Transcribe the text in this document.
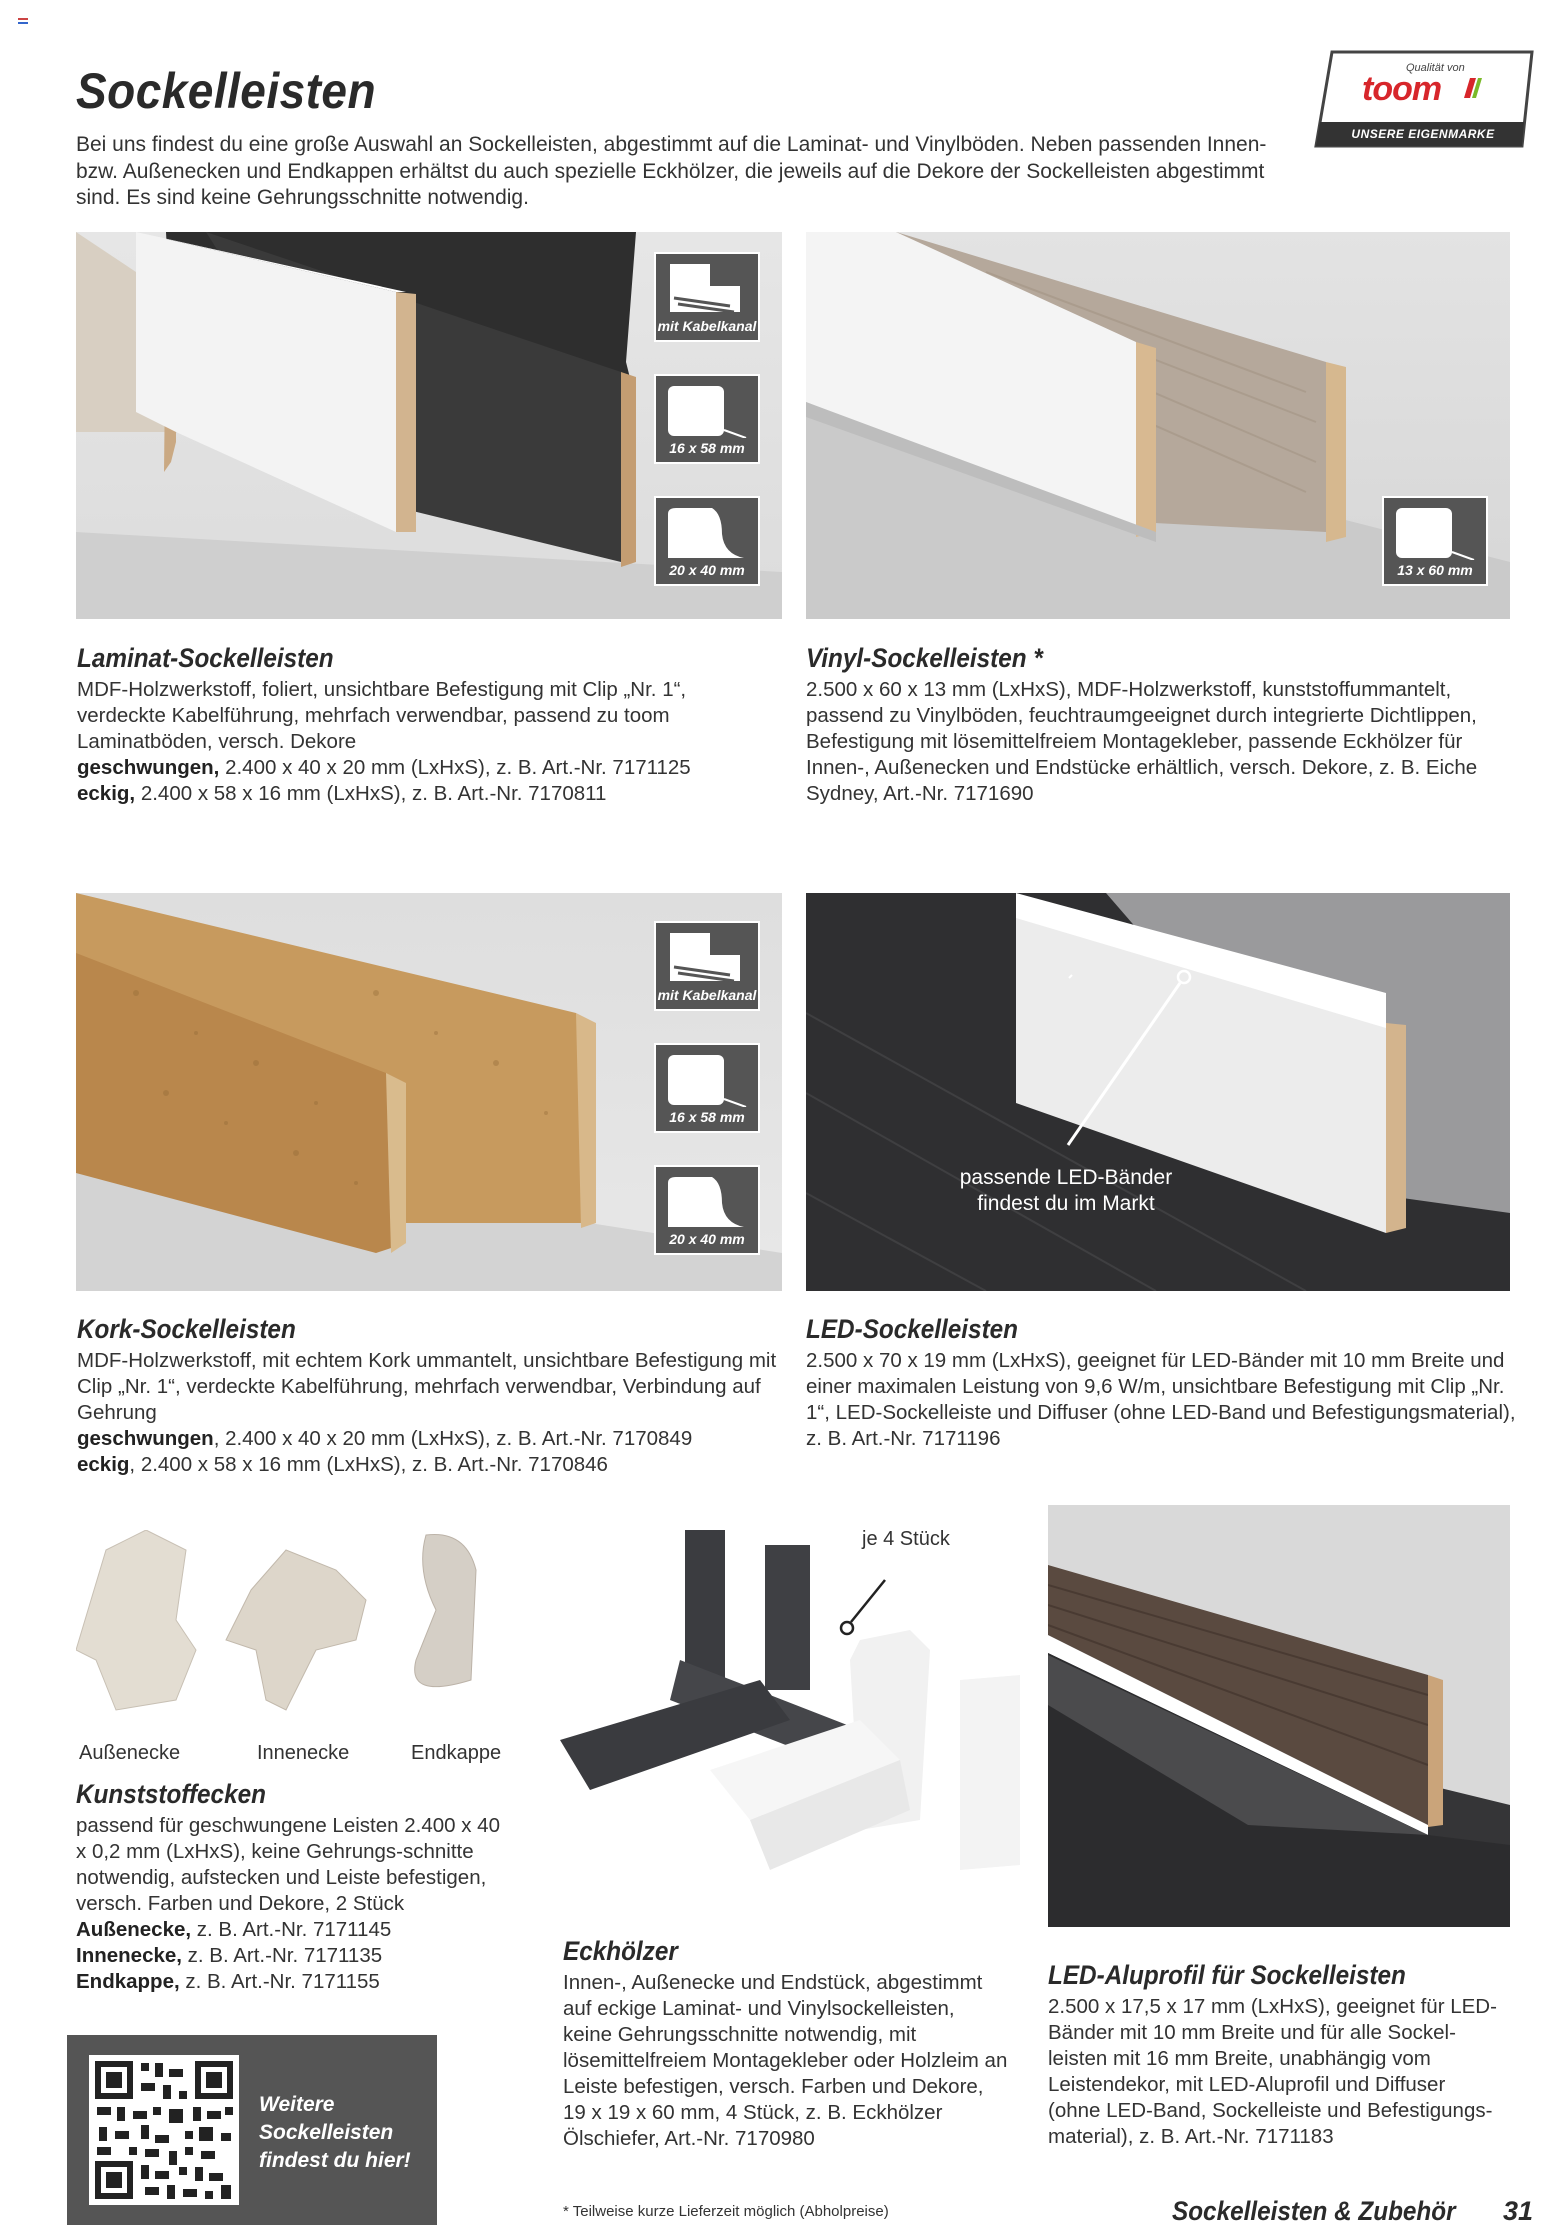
Sockelleisten
Bei uns findest du eine große Auswahl an Sockelleisten, abgestimmt auf die Laminat- und Vinylböden. Neben passenden Innen- bzw. Außenecken und Endkappen erhältst du auch spezielle Eckhölzer, die jeweils auf die Dekore der Sockelleisten abgestimmt sind. Es sind keine Gehrungsschnitte notwendig.
Qualität von
toom
UNSERE EIGENMARKE
mit Kabelkanal
16 x 58 mm
20 x 40 mm
Laminat-Sockelleisten
MDF-Holzwerkstoff, foliert, unsichtbare Befestigung mit Clip „Nr. 1“, verdeckte Kabelführung, mehrfach verwendbar, passend zu toom Laminatböden, versch. Dekore
geschwungen, 2.400 x 40 x 20 mm (LxHxS), z. B. Art.-Nr. 7171125
eckig, 2.400 x 58 x 16 mm (LxHxS), z. B. Art.-Nr. 7170811
13 x 60 mm
Vinyl-Sockelleisten *
2.500 x 60 x 13 mm (LxHxS), MDF-Holzwerkstoff, kunststoffummantelt, passend zu Vinylböden, feuchtraumgeeignet durch integrierte Dichtlippen, Befestigung mit lösemittelfreiem Montagekleber, passende Eckhölzer für Innen-, Außenecken und Endstücke erhältlich, versch. Dekore, z. B. Eiche Sydney, Art.-Nr. 7171690
mit Kabelkanal
16 x 58 mm
20 x 40 mm
Kork-Sockelleisten
MDF-Holzwerkstoff, mit echtem Kork ummantelt, unsichtbare Befestigung mit Clip „Nr. 1“, verdeckte Kabelführung, mehrfach verwendbar, Verbindung auf Gehrung
geschwungen, 2.400 x 40 x 20 mm (LxHxS), z. B. Art.-Nr. 7170849
eckig, 2.400 x 58 x 16 mm (LxHxS), z. B. Art.-Nr. 7170846
passende LED-Bänder findest du im Markt
LED-Sockelleisten
2.500 x 70 x 19 mm (LxHxS), geeignet für LED-Bänder mit 10 mm Breite und einer maximalen Leistung von 9,6 W/m, unsichtbare Befestigung mit Clip „Nr. 1“, LED-Sockelleiste und Diffuser (ohne LED-Band und Befestigungsmaterial), z. B. Art.-Nr. 7171196
Außenecke	Innenecke	Endkappe
Kunststoffecken
passend für geschwungene Leisten 2.400 x 40 x 0,2 mm (LxHxS), keine Gehrungs-schnitte notwendig, aufstecken und Leiste befestigen, versch. Farben und Dekore, 2 Stück
Außenecke, z. B. Art.-Nr. 7171145
Innenecke, z. B. Art.-Nr. 7171135
Endkappe, z. B. Art.-Nr. 7171155
je 4 Stück
Eckhölzer
Innen-, Außenecke und Endstück, abgestimmt auf eckige Laminat- und Vinylsockelleisten, keine Gehrungsschnitte notwendig, mit lösemittelfreiem Montagekleber oder Holzleim an Leiste befestigen, versch. Farben und Dekore, 19 x 19 x 60 mm, 4 Stück, z. B. Eckhölzer Ölschiefer, Art.-Nr. 7170980
LED-Aluprofil für Sockelleisten
2.500 x 17,5 x 17 mm (LxHxS), geeignet für LED-Bänder mit 10 mm Breite und für alle Sockel-leisten mit 16 mm Breite, unabhängig vom Leistendekor, mit LED-Aluprofil und Diffuser (ohne LED-Band, Sockelleiste und Befestigungs-material), z. B. Art.-Nr. 7171183
Weitere Sockelleisten findest du hier!
* Teilweise kurze Lieferzeit möglich (Abholpreise)	Sockelleisten & Zubehör 31
